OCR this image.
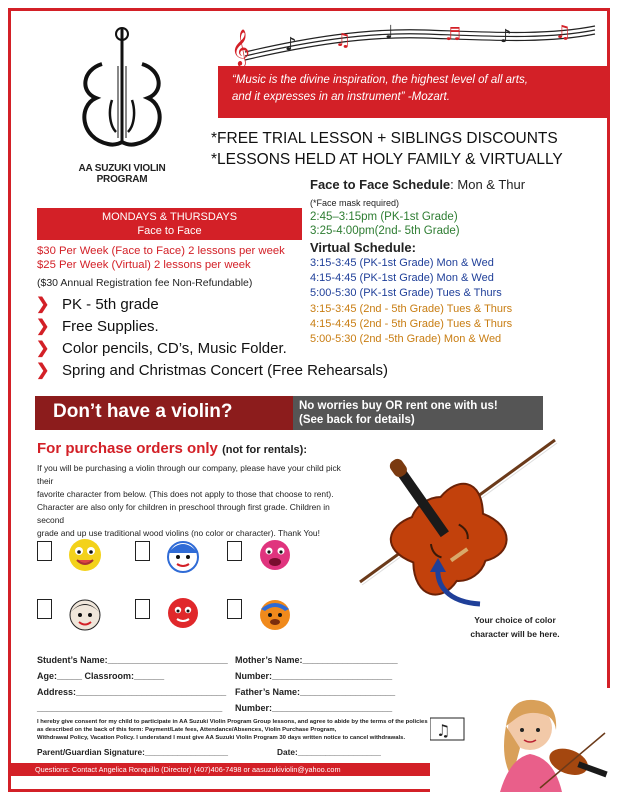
AA SUZUKI VIOLIN PROGRAM
𝄞 ♪ ♫ ♩	♬ ♪ ♫
“Music is the divine inspiration, the highest level of all arts,
and it expresses in an instrument” -Mozart.
*FREE TRIAL LESSON + SIBLINGS DISCOUNTS
*LESSONS HELD AT HOLY FAMILY & VIRTUALLY
Face to Face Schedule: Mon & Thur
(*Face mask required)
2:45–3:15pm (PK-1st Grade)
3:25-4:00pm(2nd- 5th Grade)
Virtual Schedule:
3:15-3:45 (PK-1st Grade) Mon & Wed
4:15-4:45 (PK-1st Grade) Mon & Wed
5:00-5:30 (PK-1st Grade) Tues & Thurs
3:15-3:45 (2nd - 5th Grade) Tues & Thurs
4:15-4:45 (2nd - 5th Grade) Tues & Thurs
5:00-5:30 (2nd -5th Grade) Mon & Wed
MONDAYS & THURSDAYS
Face to Face
$30 Per Week (Face to Face) 2 lessons per week
$25 Per Week (Virtual) 2 lessons per week
($30 Annual Registration fee Non-Refundable)
❯ PK - 5th grade
❯ Free Supplies.
❯ Color pencils, CD’s, Music Folder.
❯ Spring and Christmas Concert (Free Rehearsals)
Don’t have a violin?	No worries buy OR rent one with us!
(See back for details)
For purchase orders only (not for rentals):
If you will be purchasing a violin through our company, please have your child pick their
favorite character from below. (This does not apply to those that choose to rent).
Character are also only for children in preschool through first grade. Children in second
grade and up use traditional wood violins (no color or character). Thank You!
Your choice of color
character will be here.
Student’s Name:________________________
Age:_____ Classroom:______
Address:______________________________
_____________________________________
Mother’s Name:___________________
Number:________________________
Father’s Name:___________________
Number:________________________
I hereby give consent for my child to participate in AA Suzuki Violin Program Group lessons, and agree to abide by the terms of the policies
as described on the back of this form: Payment/Late fees, Attendance/Absences, Violin Purchase Program,
Withdrawal Policy, Vacation Policy. I understand I must give AA Suzuki Violin Program 30 days written notice to cancel withdrawals.
Parent/Guardian Signature:__________________	Date:__________________
Questions: Contact Angelica Ronquillo (Director) (407)406-7498 or aasuzukiviolin@yahoo.com
♫
